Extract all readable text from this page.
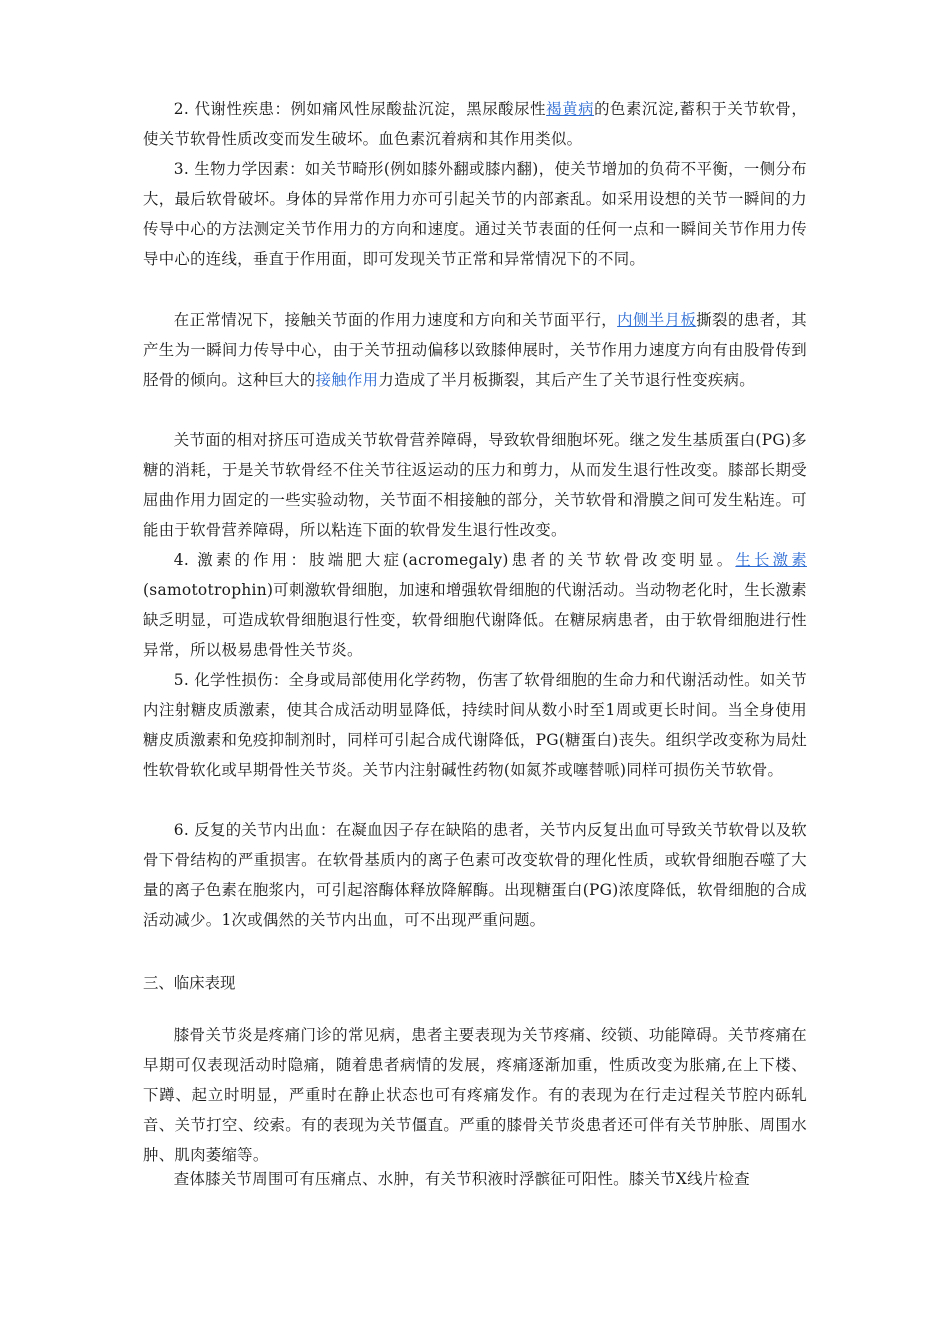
2. 代谢性疾患：例如痛风性尿酸盐沉淀，黑尿酸尿性褐黄病的色素沉淀,蓄积于关节软骨，使关节软骨性质改变而发生破坏。血色素沉着病和其作用类似。

3. 生物力学因素：如关节畸形(例如膝外翻或膝内翻)，使关节增加的负荷不平衡，一侧分布大，最后软骨破坏。身体的异常作用力亦可引起关节的内部紊乱。如采用设想的关节一瞬间的力传导中心的方法测定关节作用力的方向和速度。通过关节表面的任何一点和一瞬间关节作用力传导中心的连线，垂直于作用面，即可发现关节正常和异常情况下的不同。

在正常情况下，接触关节面的作用力速度和方向和关节面平行，内侧半月板撕裂的患者，其产生为一瞬间力传导中心，由于关节扭动偏移以致膝伸展时，关节作用力速度方向有由股骨传到胫骨的倾向。这种巨大的接触作用力造成了半月板撕裂，其后产生了关节退行性变疾病。

关节面的相对挤压可造成关节软骨营养障碍，导致软骨细胞坏死。继之发生基质蛋白(PG)多糖的消耗，于是关节软骨经不住关节往返运动的压力和剪力，从而发生退行性改变。膝部长期受屈曲作用力固定的一些实验动物，关节面不相接触的部分，关节软骨和滑膜之间可发生粘连。可能由于软骨营养障碍，所以粘连下面的软骨发生退行性改变。

4. 激素的作用：肢端肥大症(acromegaly)患者的关节软骨改变明显。生长激素(samototrophin)可刺激软骨细胞，加速和增强软骨细胞的代谢活动。当动物老化时，生长激素缺乏明显，可造成软骨细胞退行性变，软骨细胞代谢降低。在糖尿病患者，由于软骨细胞进行性异常，所以极易患骨性关节炎。

5. 化学性损伤：全身或局部使用化学药物，伤害了软骨细胞的生命力和代谢活动性。如关节内注射糖皮质激素，使其合成活动明显降低，持续时间从数小时至1周或更长时间。当全身使用糖皮质激素和免疫抑制剂时，同样可引起合成代谢降低，PG(糖蛋白)丧失。组织学改变称为局灶性软骨软化或早期骨性关节炎。关节内注射碱性药物(如氮芥或噻替哌)同样可损伤关节软骨。

6. 反复的关节内出血：在凝血因子存在缺陷的患者，关节内反复出血可导致关节软骨以及软骨下骨结构的严重损害。在软骨基质内的离子色素可改变软骨的理化性质，或软骨细胞吞噬了大量的离子色素在胞浆内，可引起溶酶体释放降解酶。出现糖蛋白(PG)浓度降低，软骨细胞的合成活动减少。1次或偶然的关节内出血，可不出现严重问题。

三、临床表现

膝骨关节炎是疼痛门诊的常见病，患者主要表现为关节疼痛、绞锁、功能障碍。关节疼痛在早期可仅表现活动时隐痛，随着患者病情的发展，疼痛逐渐加重，性质改变为胀痛,在上下楼、下蹲、起立时明显，严重时在静止状态也可有疼痛发作。有的表现为在行走过程关节腔内砾轧音、关节打空、绞索。有的表现为关节僵直。严重的膝骨关节炎患者还可伴有关节肿胀、周围水肿、肌肉萎缩等。

查体膝关节周围可有压痛点、水肿，有关节积液时浮髌征可阳性。膝关节X线片检查
